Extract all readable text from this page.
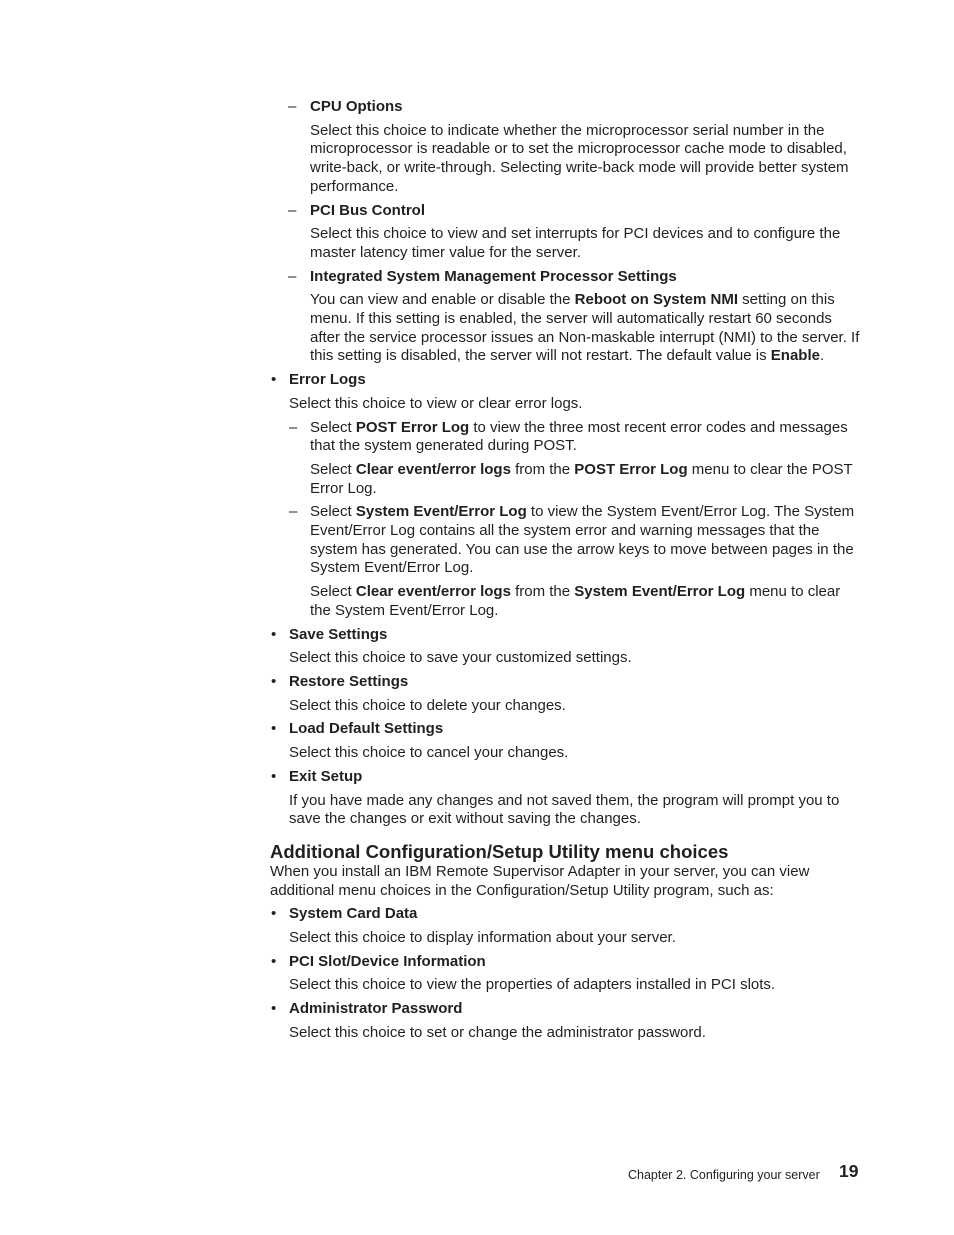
– CPU Options

Select this choice to indicate whether the microprocessor serial number in the microprocessor is readable or to set the microprocessor cache mode to disabled, write-back, or write-through. Selecting write-back mode will provide better system performance.

– PCI Bus Control

Select this choice to view and set interrupts for PCI devices and to configure the master latency timer value for the server.

– Integrated System Management Processor Settings

You can view and enable or disable the Reboot on System NMI setting on this menu. If this setting is enabled, the server will automatically restart 60 seconds after the service processor issues an Non-maskable interrupt (NMI) to the server. If this setting is disabled, the server will not restart. The default value is Enable.

• Error Logs

Select this choice to view or clear error logs.

– Select POST Error Log to view the three most recent error codes and messages that the system generated during POST.

Select Clear event/error logs from the POST Error Log menu to clear the POST Error Log.

– Select System Event/Error Log to view the System Event/Error Log. The System Event/Error Log contains all the system error and warning messages that the system has generated. You can use the arrow keys to move between pages in the System Event/Error Log.

Select Clear event/error logs from the System Event/Error Log menu to clear the System Event/Error Log.

• Save Settings

Select this choice to save your customized settings.

• Restore Settings

Select this choice to delete your changes.

• Load Default Settings

Select this choice to cancel your changes.

• Exit Setup

If you have made any changes and not saved them, the program will prompt you to save the changes or exit without saving the changes.

Additional Configuration/Setup Utility menu choices

When you install an IBM Remote Supervisor Adapter in your server, you can view additional menu choices in the Configuration/Setup Utility program, such as:

• System Card Data

Select this choice to display information about your server.

• PCI Slot/Device Information

Select this choice to view the properties of adapters installed in PCI slots.

• Administrator Password

Select this choice to set or change the administrator password.

Chapter 2. Configuring your server 19
